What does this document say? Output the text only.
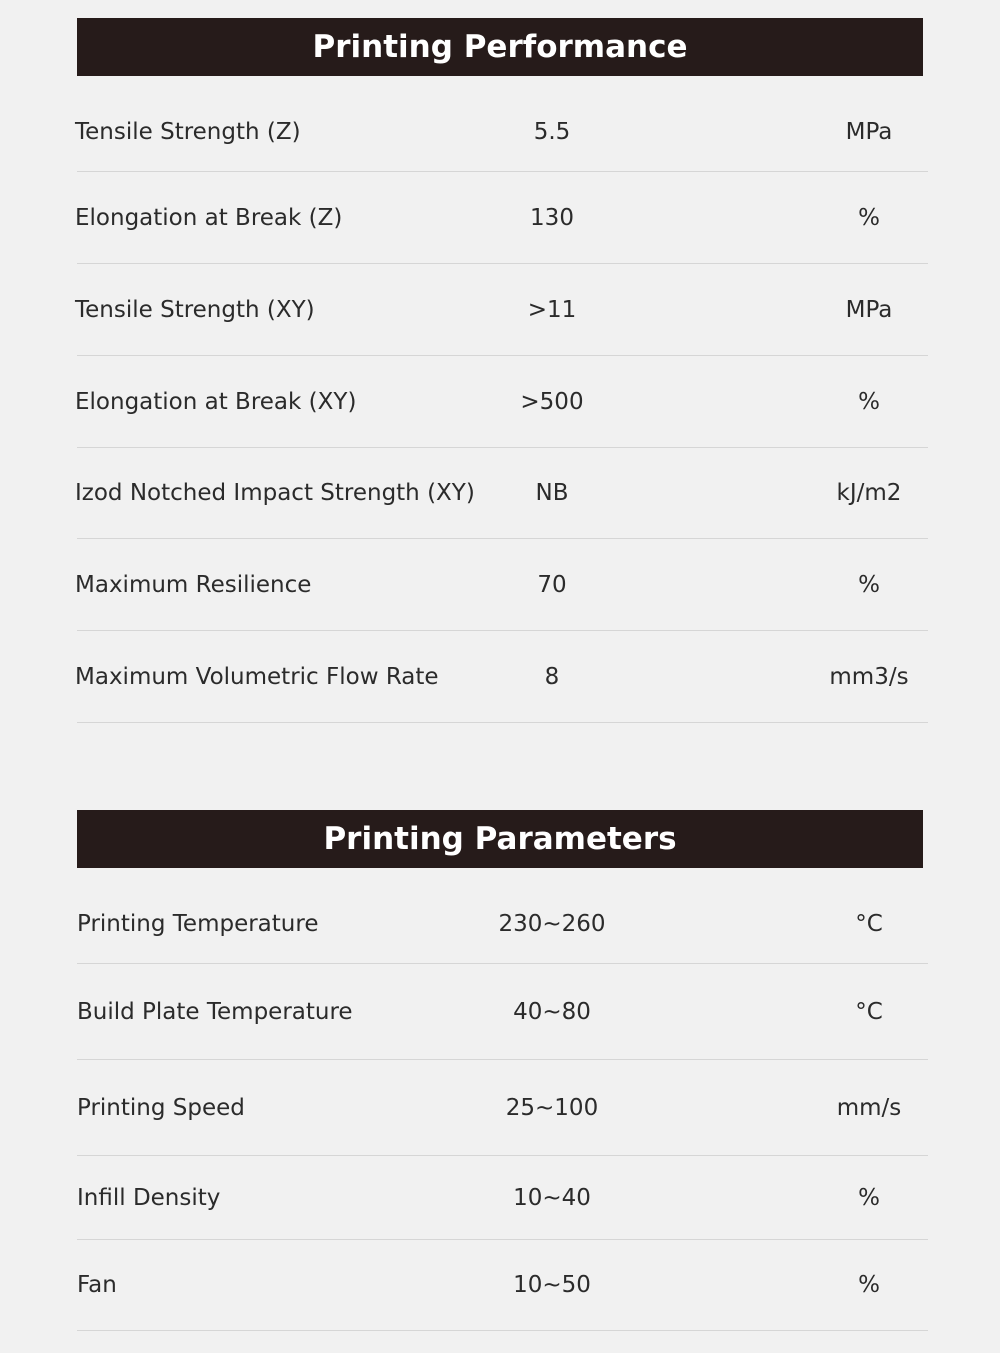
Printing Performance
Tensile Strength (Z)	5.5	MPa
Elongation at Break (Z)	130	%
Tensile Strength (XY)	>11	MPa
Elongation at Break (XY)	>500	%
Izod Notched Impact Strength (XY)	NB	kJ/m2
Maximum Resilience	70	%
Maximum Volumetric Flow Rate	8	mm3/s
Printing Parameters
Printing Temperature	230~260	°C
Build Plate Temperature	40~80	°C
Printing Speed	25~100	mm/s
Infill Density	10~40	%
Fan	10~50	%
